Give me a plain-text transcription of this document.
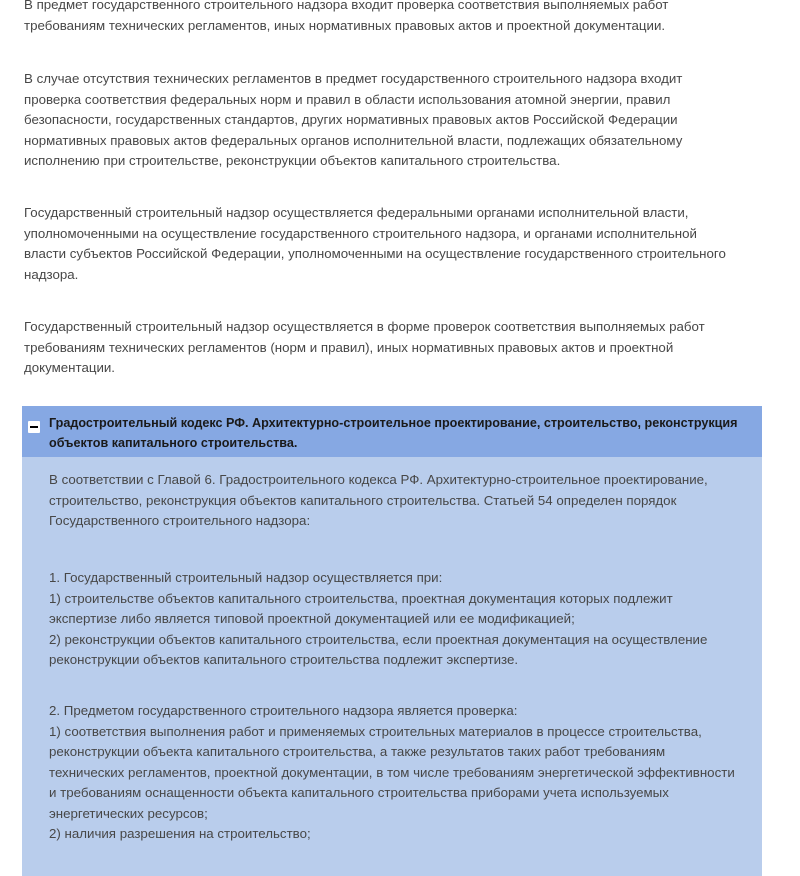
В предмет государственного строительного надзора входит проверка соответствия выполняемых работ
требованиям технических регламентов, иных нормативных правовых актов и проектной документации.

В случае отсутствия технических регламентов в предмет государственного строительного надзора входит
проверка соответствия федеральных норм и правил в области использования атомной энергии, правил
безопасности, государственных стандартов, других нормативных правовых актов Российской Федерации
нормативных правовых актов федеральных органов исполнительной власти, подлежащих обязательному
исполнению при строительстве, реконструкции объектов капитального строительства.

Государственный строительный надзор осуществляется федеральными органами исполнительной власти,
уполномоченными на осуществление государственного строительного надзора, и органами исполнительной
власти субъектов Российской Федерации, уполномоченными на осуществление государственного строительного
надзора.

Государственный строительный надзор осуществляется в форме проверок соответствия выполняемых работ
требованиям технических регламентов (норм и правил), иных нормативных правовых актов и проектной
документации.

Градостроительный кодекс РФ. Архитектурно-строительное проектирование, строительство, реконструкция
объектов капитального строительства.

В соответствии с Главой 6. Градостроительного кодекса РФ. Архитектурно-строительное проектирование,
строительство, реконструкция объектов капитального строительства. Статьей 54 определен порядок
Государственного строительного надзора:

1. Государственный строительный надзор осуществляется при:
1) строительстве объектов капитального строительства, проектная документация которых подлежит
экспертизе либо является типовой проектной документацией или ее модификацией;
2) реконструкции объектов капитального строительства, если проектная документация на осуществление
реконструкции объектов капитального строительства подлежит экспертизе.

2. Предметом государственного строительного надзора является проверка:
1) соответствия выполнения работ и применяемых строительных материалов в процессе строительства,
реконструкции объекта капитального строительства, а также результатов таких работ требованиям
технических регламентов, проектной документации, в том числе требованиям энергетической эффективности
и требованиям оснащенности объекта капитального строительства приборами учета используемых
энергетических ресурсов;
2) наличия разрешения на строительство;
